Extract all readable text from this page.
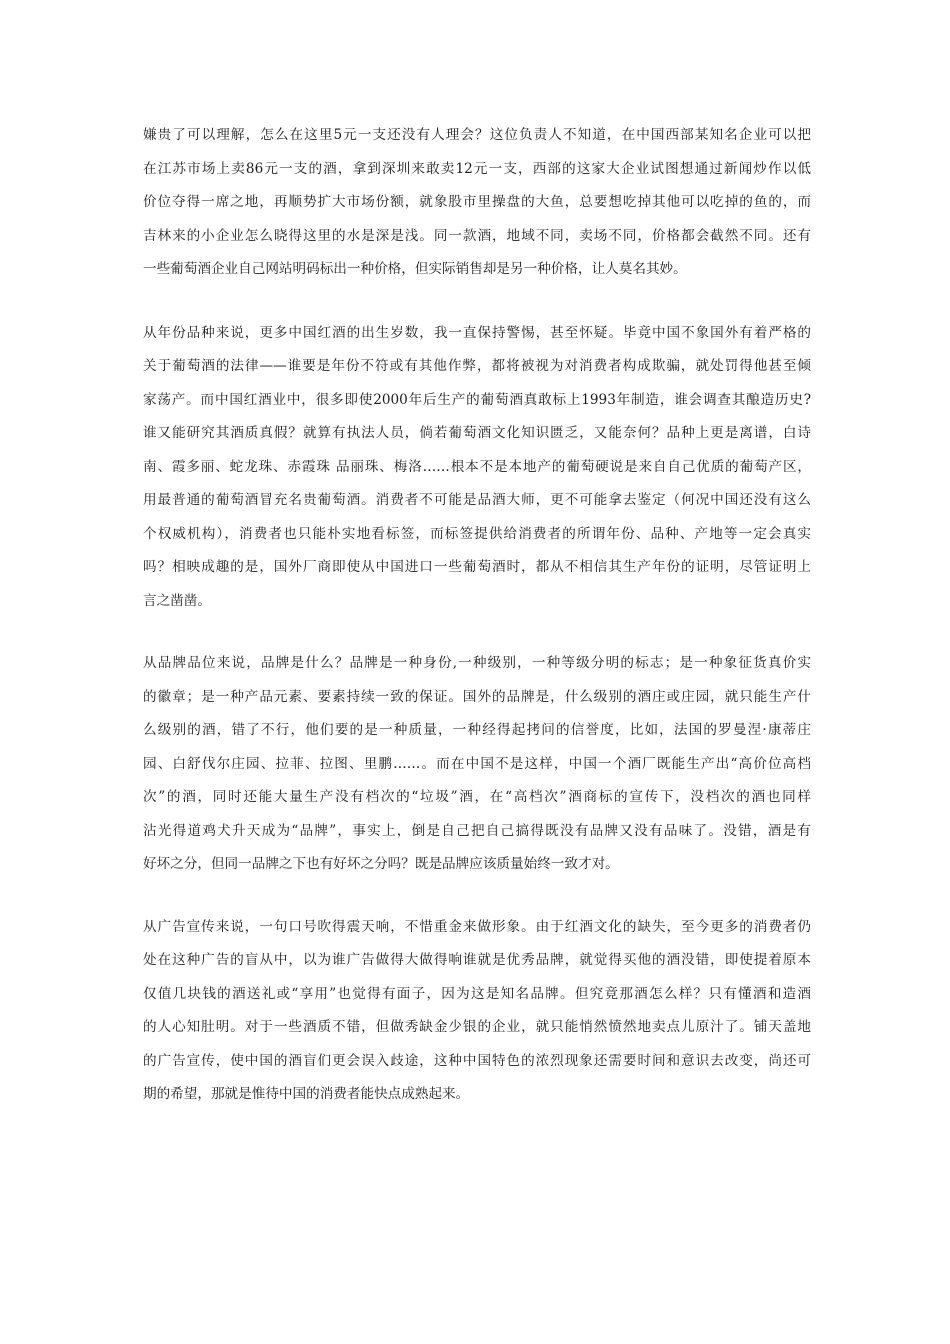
嫌贵了可以理解，怎么在这里5元一支还没有人理会？这位负责人不知道，在中国西部某知名企业可以把
在江苏市场上卖86元一支的酒，拿到深圳来敢卖12元一支，西部的这家大企业试图想通过新闻炒作以低
价位夺得一席之地，再顺势扩大市场份额，就象股市里操盘的大鱼，总要想吃掉其他可以吃掉的鱼的，而
吉林来的小企业怎么晓得这里的水是深是浅。同一款酒，地域不同，卖场不同，价格都会截然不同。还有
一些葡萄酒企业自己网站明码标出一种价格，但实际销售却是另一种价格，让人莫名其妙。
从年份品种来说，更多中国红酒的出生岁数，我一直保持警惕，甚至怀疑。毕竟中国不象国外有着严格的
关于葡萄酒的法律——谁要是年份不符或有其他作弊，都将被视为对消费者构成欺骗，就处罚得他甚至倾
家荡产。而中国红酒业中，很多即使2000年后生产的葡萄酒真敢标上1993年制造，谁会调查其酿造历史?
谁又能研究其酒质真假？就算有执法人员，倘若葡萄酒文化知识匮乏，又能奈何？品种上更是离谱，白诗
南、霞多丽、蛇龙珠、赤霞珠 品丽珠、梅洛……根本不是本地产的葡萄硬说是来自自己优质的葡萄产区，
用最普通的葡萄酒冒充名贵葡萄酒。消费者不可能是品酒大师，更不可能拿去鉴定（何况中国还没有这么
个权威机构），消费者也只能朴实地看标签，而标签提供给消费者的所谓年份、品种、产地等一定会真实
吗？相映成趣的是，国外厂商即使从中国进口一些葡萄酒时，都从不相信其生产年份的证明，尽管证明上
言之凿凿。
从品牌品位来说，品牌是什么？品牌是一种身份,一种级别，一种等级分明的标志；是一种象征货真价实
的徽章；是一种产品元素、要素持续一致的保证。国外的品牌是，什么级别的酒庄或庄园，就只能生产什
么级别的酒，错了不行，他们要的是一种质量，一种经得起拷问的信誉度，比如，法国的罗曼涅·康蒂庄
园、白舒伐尔庄园、拉菲、拉图、里鹏……。而在中国不是这样，中国一个酒厂既能生产出“高价位高档
次”的酒，同时还能大量生产没有档次的“垃圾”酒，在“高档次”酒商标的宣传下，没档次的酒也同样
沾光得道鸡犬升天成为“品牌”，事实上，倒是自己把自己搞得既没有品牌又没有品味了。没错，酒是有
好坏之分，但同一品牌之下也有好坏之分吗？既是品牌应该质量始终一致才对。
从广告宣传来说，一句口号吹得震天响，不惜重金来做形象。由于红酒文化的缺失，至今更多的消费者仍
处在这种广告的盲从中，以为谁广告做得大做得响谁就是优秀品牌，就觉得买他的酒没错，即使提着原本
仅值几块钱的酒送礼或“享用”也觉得有面子，因为这是知名品牌。但究竟那酒怎么样？只有懂酒和造酒
的人心知肚明。对于一些酒质不错，但做秀缺金少银的企业，就只能悄然愤然地卖点儿原汁了。铺天盖地
的广告宣传，使中国的酒盲们更会误入歧途，这种中国特色的浓烈现象还需要时间和意识去改变，尚还可
期的希望，那就是惟待中国的消费者能快点成熟起来。
